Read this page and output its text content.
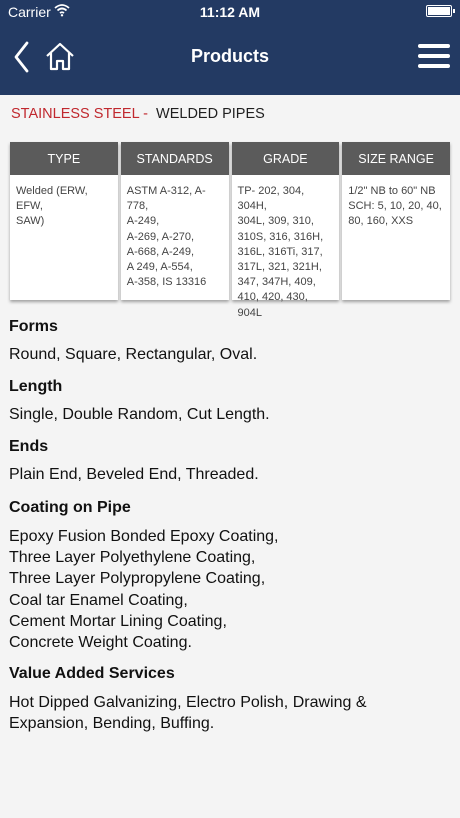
Carrier	11:12 AM
Products
STAINLESS STEEL - WELDED PIPES
TYPE
Welded (ERW, EFW,
SAW)
STANDARDS
ASTM A-312, A-778,
A-249,
A-269, A-270,
A-668, A-249,
A 249, A-554,
A-358, IS 13316
GRADE
TP- 202, 304, 304H,
304L, 309, 310,
310S, 316, 316H,
316L, 316Ti, 317,
317L, 321, 321H,
347, 347H, 409,
410, 420, 430, 904L
SIZE RANGE
1/2" NB to 60" NB
SCH: 5, 10, 20, 40,
80, 160, XXS
Forms
Round, Square, Rectangular, Oval.
Length
Single, Double Random, Cut Length.
Ends
Plain End, Beveled End, Threaded.
Coating on Pipe
Epoxy Fusion Bonded Epoxy Coating,
Three Layer Polyethylene Coating,
Three Layer Polypropylene Coating,
Coal tar Enamel Coating,
Cement Mortar Lining Coating,
Concrete Weight Coating.
Value Added Services
Hot Dipped Galvanizing, Electro Polish, Drawing &
Expansion, Bending, Buffing.
